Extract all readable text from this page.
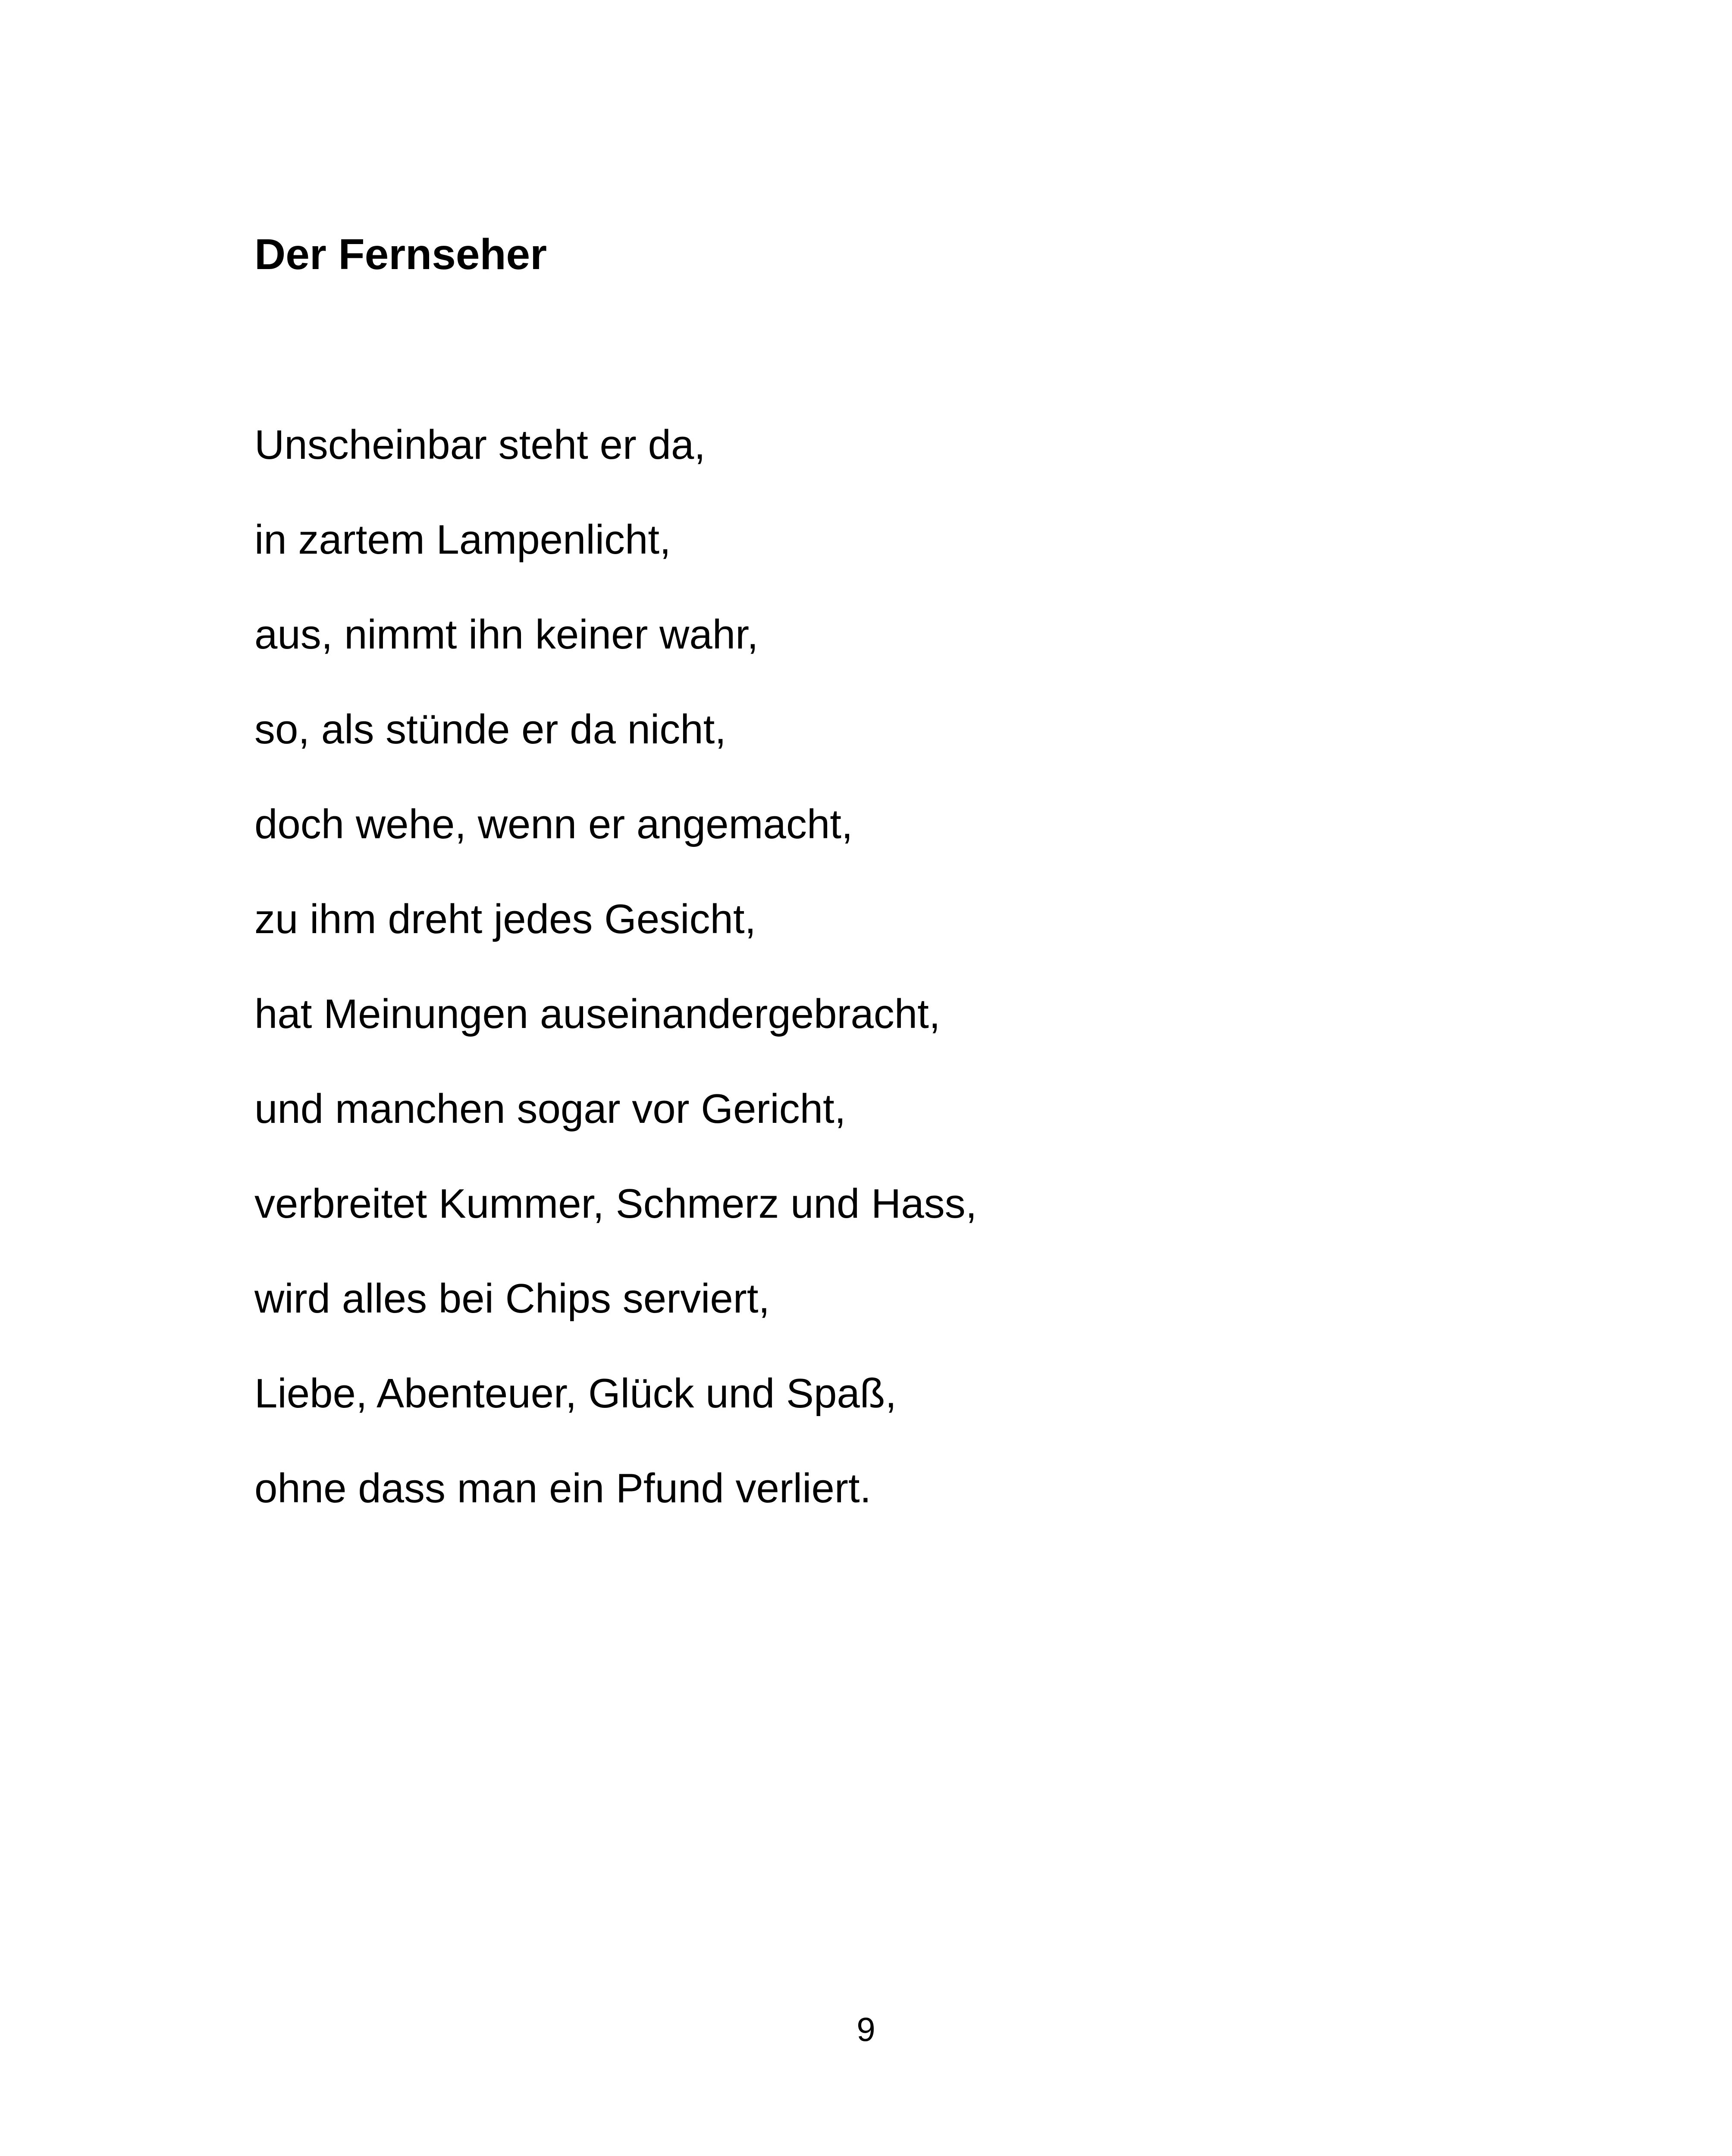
Der Fernseher
Unscheinbar steht er da,
in zartem Lampenlicht,
aus, nimmt ihn keiner wahr,
so, als stünde er da nicht,
doch wehe, wenn er angemacht,
zu ihm dreht jedes Gesicht,
hat Meinungen auseinandergebracht,
und manchen sogar vor Gericht,
verbreitet Kummer, Schmerz und Hass,
wird alles bei Chips serviert,
Liebe, Abenteuer, Glück und Spaß,
ohne dass man ein Pfund verliert.
9
